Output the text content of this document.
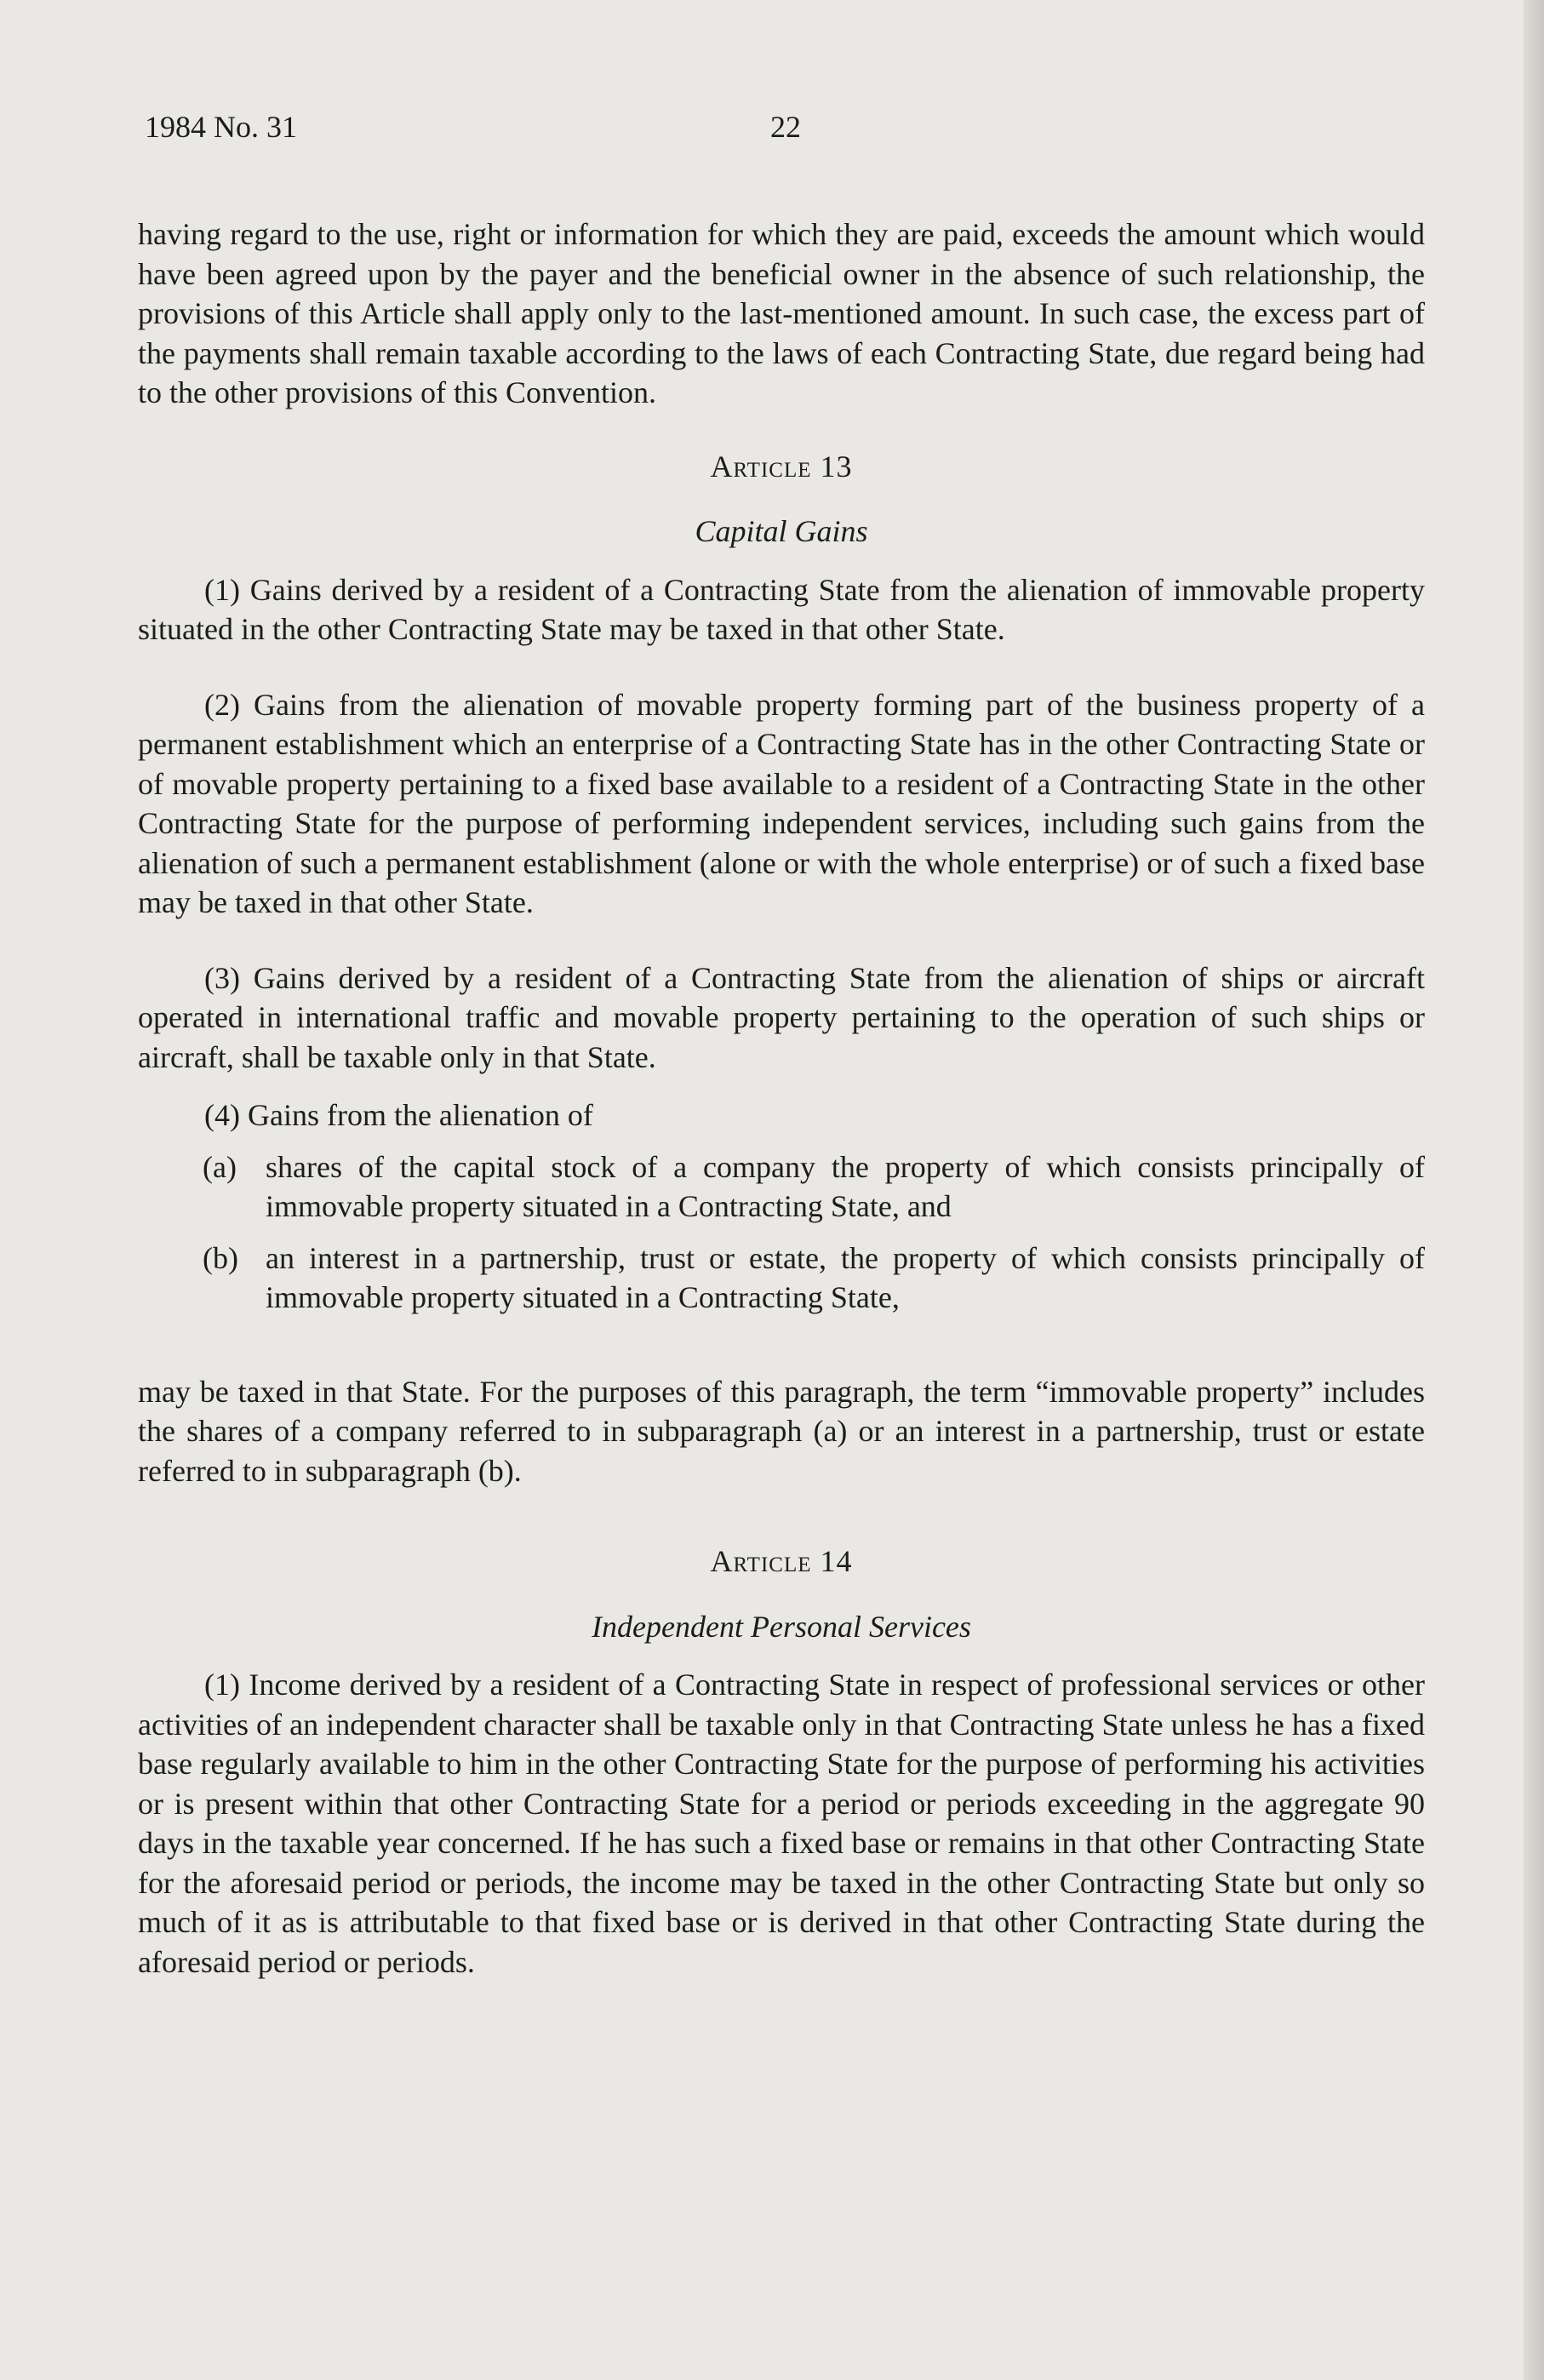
1984 No. 31	22

having regard to the use, right or information for which they are paid, exceeds the amount which would have been agreed upon by the payer and the beneficial owner in the absence of such relationship, the provisions of this Article shall apply only to the last-mentioned amount. In such case, the excess part of the payments shall remain taxable according to the laws of each Contracting State, due regard being had to the other provisions of this Convention.

Article 13
Capital Gains

(1) Gains derived by a resident of a Contracting State from the alienation of immovable property situated in the other Contracting State may be taxed in that other State.

(2) Gains from the alienation of movable property forming part of the business property of a permanent establishment which an enterprise of a Contracting State has in the other Contracting State or of movable property pertaining to a fixed base available to a resident of a Contracting State in the other Contracting State for the purpose of performing independent services, including such gains from the alienation of such a permanent establishment (alone or with the whole enterprise) or of such a fixed base may be taxed in that other State.

(3) Gains derived by a resident of a Contracting State from the alienation of ships or aircraft operated in international traffic and movable property pertaining to the operation of such ships or aircraft, shall be taxable only in that State.

(4) Gains from the alienation of

(a) shares of the capital stock of a company the property of which consists principally of immovable property situated in a Contracting State, and
(b) an interest in a partnership, trust or estate, the property of which consists principally of immovable property situated in a Contracting State,

may be taxed in that State. For the purposes of this paragraph, the term “immovable property” includes the shares of a company referred to in subparagraph (a) or an interest in a partnership, trust or estate referred to in subparagraph (b).

Article 14
Independent Personal Services

(1) Income derived by a resident of a Contracting State in respect of professional services or other activities of an independent character shall be taxable only in that Contracting State unless he has a fixed base regularly available to him in the other Contracting State for the purpose of performing his activities or is present within that other Contracting State for a period or periods exceeding in the aggregate 90 days in the taxable year concerned. If he has such a fixed base or remains in that other Contracting State for the aforesaid period or periods, the income may be taxed in the other Contracting State but only so much of it as is attributable to that fixed base or is derived in that other Contracting State during the aforesaid period or periods.
